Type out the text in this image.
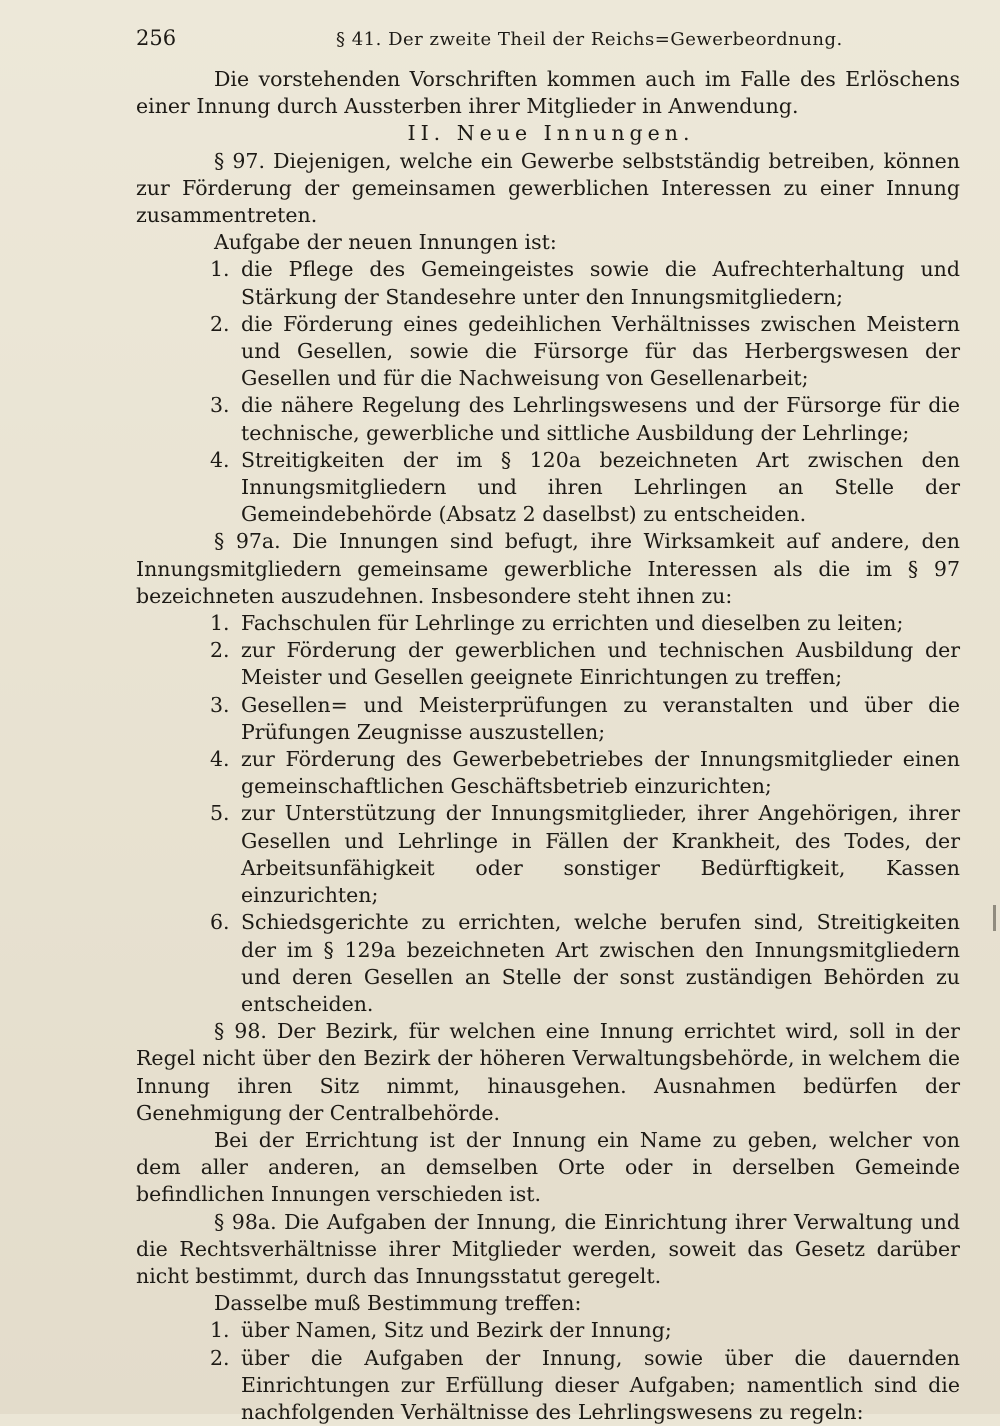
256	§ 41. Der zweite Theil der Reichs=Gewerbeordnung.

Die vorstehenden Vorschriften kommen auch im Falle des Erlöschens einer Innung durch Aussterben ihrer Mitglieder in Anwendung.

II. Neue Innungen.

§ 97. Diejenigen, welche ein Gewerbe selbstständig betreiben, können zur Förderung der gemeinsamen gewerblichen Interessen zu einer Innung zusammentreten.

Aufgabe der neuen Innungen ist:

1. die Pflege des Gemeingeistes sowie die Aufrechterhaltung und Stärkung der Standesehre unter den Innungsmitgliedern;
2. die Förderung eines gedeihlichen Verhältnisses zwischen Meistern und Gesellen, sowie die Fürsorge für das Herbergswesen der Gesellen und für die Nachweisung von Gesellenarbeit;
3. die nähere Regelung des Lehrlingswesens und der Fürsorge für die technische, gewerbliche und sittliche Ausbildung der Lehrlinge;
4. Streitigkeiten der im § 120a bezeichneten Art zwischen den Innungsmitgliedern und ihren Lehrlingen an Stelle der Gemeindebehörde (Absatz 2 daselbst) zu entscheiden.

§ 97a. Die Innungen sind befugt, ihre Wirksamkeit auf andere, den Innungsmitgliedern gemeinsame gewerbliche Interessen als die im § 97 bezeichneten auszudehnen. Insbesondere steht ihnen zu:

1. Fachschulen für Lehrlinge zu errichten und dieselben zu leiten;
2. zur Förderung der gewerblichen und technischen Ausbildung der Meister und Gesellen geeignete Einrichtungen zu treffen;
3. Gesellen= und Meisterprüfungen zu veranstalten und über die Prüfungen Zeugnisse auszustellen;
4. zur Förderung des Gewerbebetriebes der Innungsmitglieder einen gemeinschaftlichen Geschäftsbetrieb einzurichten;
5. zur Unterstützung der Innungsmitglieder, ihrer Angehörigen, ihrer Gesellen und Lehrlinge in Fällen der Krankheit, des Todes, der Arbeitsunfähigkeit oder sonstiger Bedürftigkeit, Kassen einzurichten;
6. Schiedsgerichte zu errichten, welche berufen sind, Streitigkeiten der im § 129a bezeichneten Art zwischen den Innungsmitgliedern und deren Gesellen an Stelle der sonst zuständigen Behörden zu entscheiden.

§ 98. Der Bezirk, für welchen eine Innung errichtet wird, soll in der Regel nicht über den Bezirk der höheren Verwaltungsbehörde, in welchem die Innung ihren Sitz nimmt, hinausgehen. Ausnahmen bedürfen der Genehmigung der Centralbehörde.

Bei der Errichtung ist der Innung ein Name zu geben, welcher von dem aller anderen, an demselben Orte oder in derselben Gemeinde befindlichen Innungen verschieden ist.

§ 98a. Die Aufgaben der Innung, die Einrichtung ihrer Verwaltung und die Rechtsverhältnisse ihrer Mitglieder werden, soweit das Gesetz darüber nicht bestimmt, durch das Innungsstatut geregelt.

Dasselbe muß Bestimmung treffen:

1. über Namen, Sitz und Bezirk der Innung;
2. über die Aufgaben der Innung, sowie über die dauernden Einrichtungen zur Erfüllung dieser Aufgaben; namentlich sind die nachfolgenden Verhältnisse des Lehrlingswesens zu regeln:
